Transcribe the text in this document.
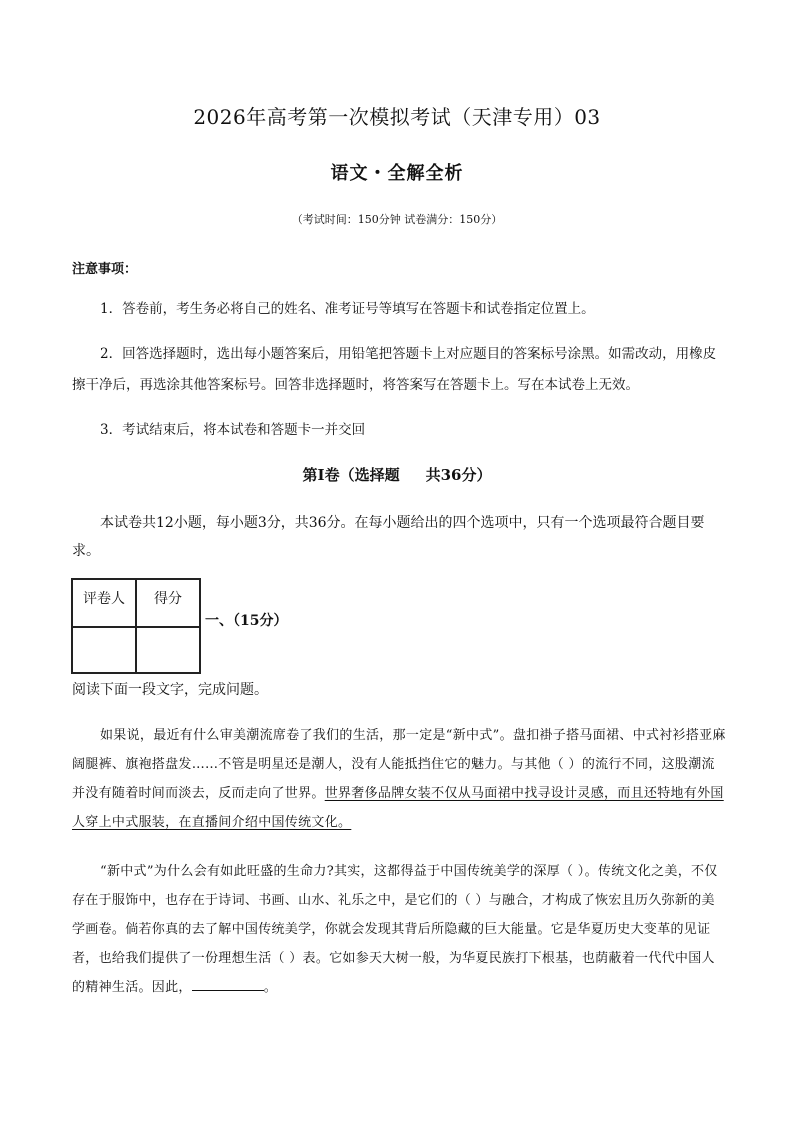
2026年高考第一次模拟考试（天津专用）03
语文・全解全析
（考试时间：150分钟 试卷满分：150分）
注意事项：
1．答卷前，考生务必将自己的姓名、准考证号等填写在答题卡和试卷指定位置上。
2．回答选择题时，选出每小题答案后，用铅笔把答题卡上对应题目的答案标号涂黑。如需改动，用橡皮擦干净后，再选涂其他答案标号。回答非选择题时，将答案写在答题卡上。写在本试卷上无效。
3．考试结束后，将本试卷和答题卡一并交回
第Ⅰ卷（选择题 共36分）
本试卷共12小题，每小题3分，共36分。在每小题给出的四个选项中，只有一个选项最符合题目要求。
评卷人	得分

一、（15分）
阅读下面一段文字，完成问题。
如果说，最近有什么审美潮流席卷了我们的生活，那一定是“新中式”。盘扣褂子搭马面裙、中式衬衫搭亚麻阔腿裤、旗袍搭盘发……不管是明星还是潮人，没有人能抵挡住它的魅力。与其他（ ）的流行不同，这股潮流并没有随着时间而淡去，反而走向了世界。世界奢侈品牌女装不仅从马面裙中找寻设计灵感，而且还特地有外国人穿上中式服装，在直播间介绍中国传统文化。
“新中式”为什么会有如此旺盛的生命力?其实，这都得益于中国传统美学的深厚（ ）。传统文化之美，不仅存在于服饰中，也存在于诗词、书画、山水、礼乐之中，是它们的（ ）与融合，才构成了恢宏且历久弥新的美学画卷。倘若你真的去了解中国传统美学，你就会发现其背后所隐藏的巨大能量。它是华夏历史大变革的见证者，也给我们提供了一份理想生活（ ）表。它如参天大树一般，为华夏民族打下根基，也荫蔽着一代代中国人的精神生活。因此，	。
